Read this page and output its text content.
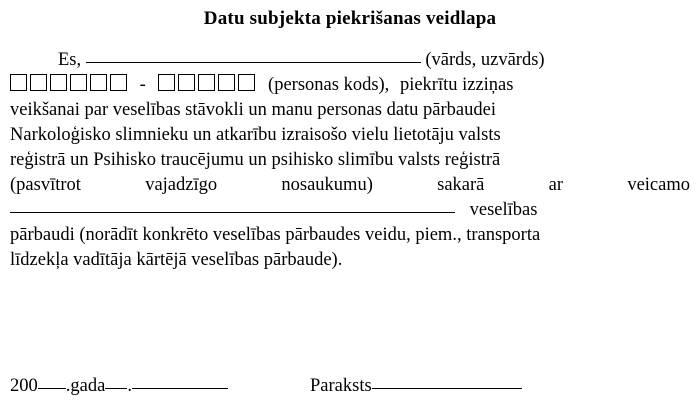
Datu subjekta piekrišanas veidlapa
Es,	(vārds, uzvārds)
-	(personas kods), piekrītu izziņas
veikšanai par veselības stāvokli un manu personas datu pārbaudei
Narkoloģisko slimnieku un atkarību izraisošo vielu lietotāju valsts
reģistrā un Psihisko traucējumu un psihisko slimību valsts reģistrā
(pasvītrot	vajadzīgo	nosaukumu)	sakarā	ar	veicamo
veselības
pārbaudi (norādīt konkrēto veselības pārbaudes veidu, piem., transporta
līdzekļa vadītāja kārtējā veselības pārbaude).
200 .gada .	Paraksts
